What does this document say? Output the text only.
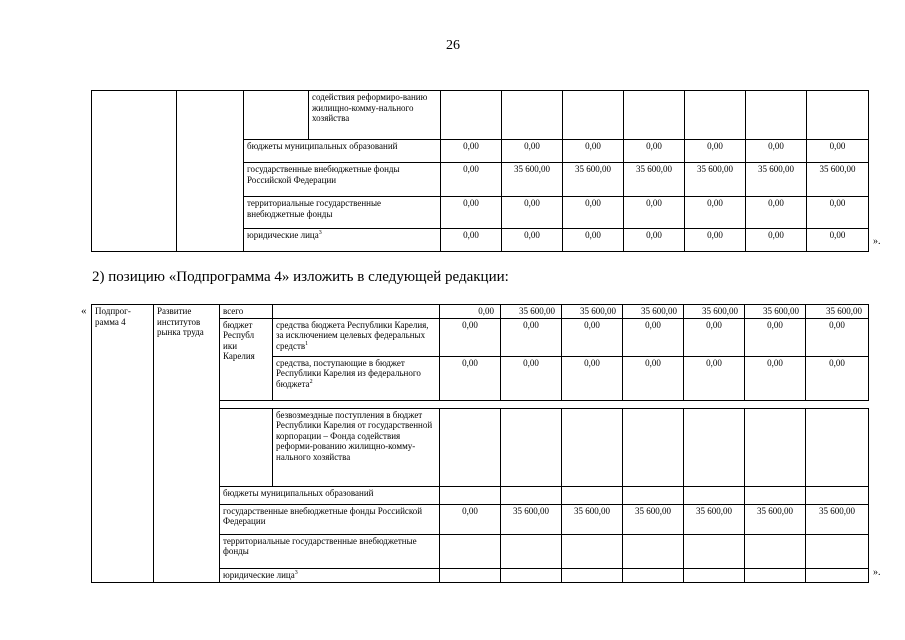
26
			содействия реформиро-ванию жилищно-комму-нального хозяйства							
		бюджеты муниципальных образований		0,00	0,00	0,00	0,00	0,00	0,00	0,00
		государственные внебюджетные фонды Российской Федерации		0,00	35 600,00	35 600,00	35 600,00	35 600,00	35 600,00	35 600,00
		территориальные государственные внебюджетные фонды		0,00	0,00	0,00	0,00	0,00	0,00	0,00
		юридические лица$^3$		0,00	0,00	0,00	0,00	0,00	0,00	0,00
».
2) позицию «Подпрограмма 4» изложить в следующей редакции:
« Подпрог-рамма 4	Развитие институтов рынка труда	всего		0,00	35 600,00	35 600,00	35 600,00	35 600,00	35 600,00	35 600,00
		бюджет Республ ики Карелия	средства бюджета Республики Карелия, за исключением целевых федеральных средств$^1$	0,00	0,00	0,00	0,00	0,00	0,00	0,00
			средства, поступающие в бюджет Республики Карелия из федерального бюджета$^2$	0,00	0,00	0,00	0,00	0,00	0,00	0,00

			безвозмездные поступления в бюджет Республики Карелия от государственной корпорации – Фонда содействия реформи-рованию жилищно-комму-нального хозяйства							
		бюджеты муниципальных образований								
		государственные внебюджетные фонды Российской Федерации		0,00	35 600,00	35 600,00	35 600,00	35 600,00	35 600,00	35 600,00
		территориальные государственные внебюджетные фонды								
		юридические лица$^3$								».
